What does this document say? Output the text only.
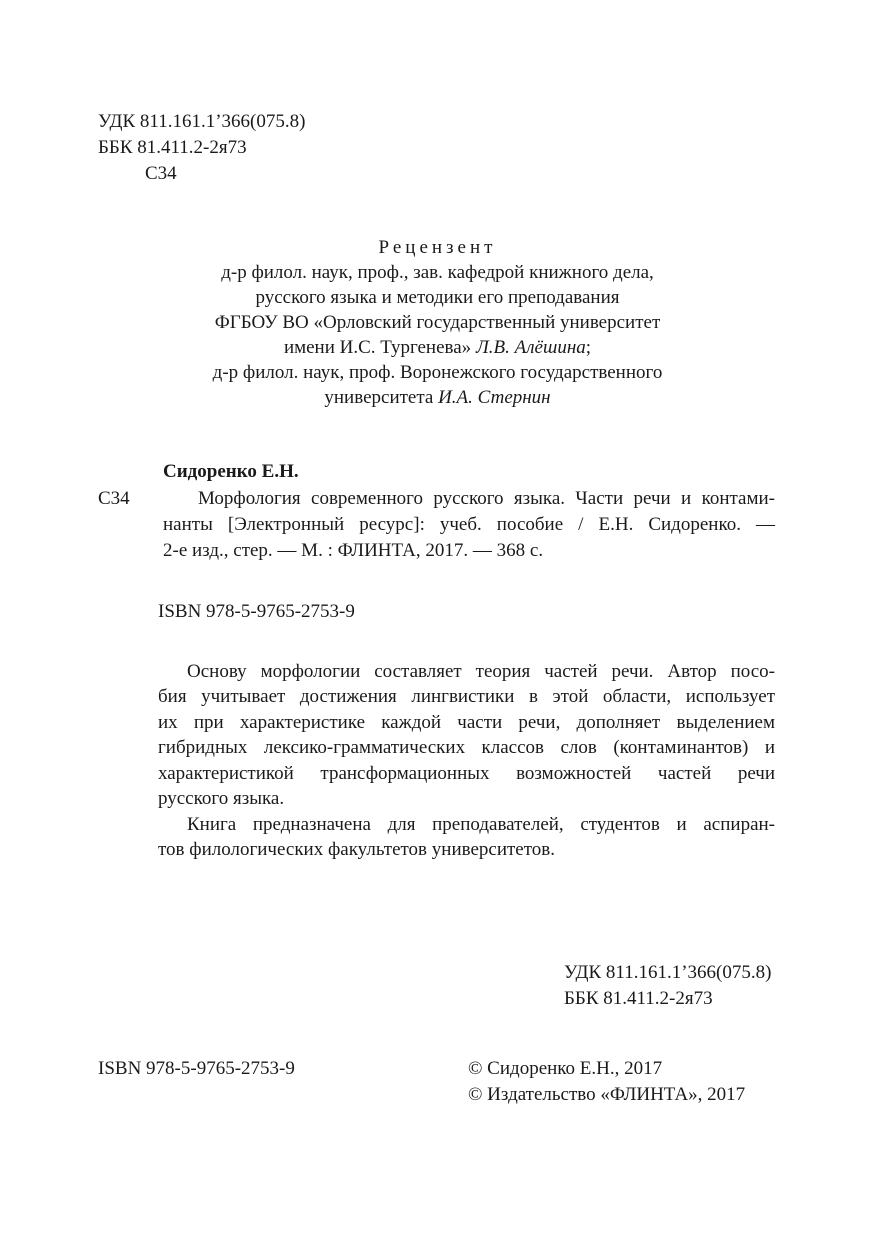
УДК 811.161.1’366(075.8)
ББК 81.411.2-2я73
С34
Рецензент
д-р филол. наук, проф., зав. кафедрой книжного дела,
русского языка и методики его преподавания
ФГБОУ ВО «Орловский государственный университет
имени И.С. Тургенева» Л.В. Алёшина;
д-р филол. наук, проф. Воронежского государственного
университета И.А. Стернин
Сидоренко Е.Н.
С34	Морфология современного русского языка. Части речи и контами-
нанты [Электронный ресурс]: учеб. пособие / Е.Н. Сидоренко. —
2-е изд., стер. — М. : ФЛИНТА, 2017. — 368 с.
ISBN 978-5-9765-2753-9
Основу морфологии составляет теория частей речи. Автор посо-
бия учитывает достижения лингвистики в этой области, использует
их при характеристике каждой части речи, дополняет выделением
гибридных лексико-грамматических классов слов (контаминантов) и
характеристикой трансформационных возможностей частей речи
русского языка.
Книга предназначена для преподавателей, студентов и аспиран-
тов филологических факультетов университетов.
УДК 811.161.1’366(075.8)
ББК 81.411.2-2я73
ISBN 978-5-9765-2753-9	© Сидоренко Е.Н., 2017
© Издательство «ФЛИНТА», 2017
